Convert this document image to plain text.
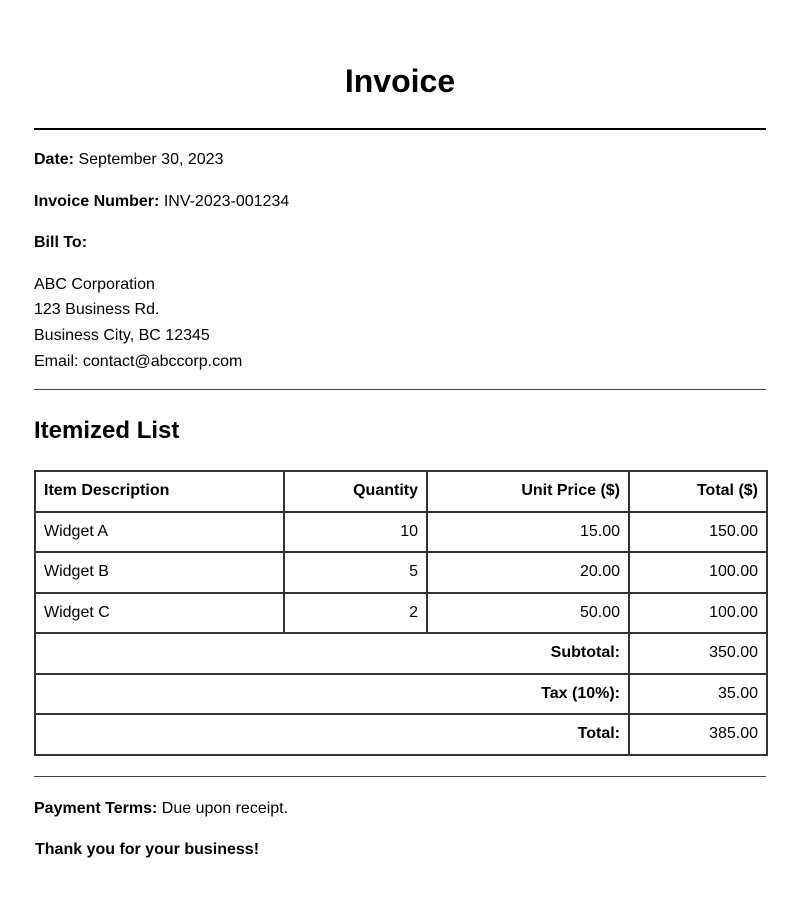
Invoice
Date: September 30, 2023
Invoice Number: INV-2023-001234
Bill To:
ABC Corporation
123 Business Rd.
Business City, BC 12345
Email: contact@abccorp.com
Itemized List
Item Description	Quantity	Unit Price ($)	Total ($)
Widget A	10	15.00	150.00
Widget B	5	20.00	100.00
Widget C	2	50.00	100.00
Subtotal:			350.00
Tax (10%):			35.00
Total:			385.00
Payment Terms: Due upon receipt.
Thank you for your business!
